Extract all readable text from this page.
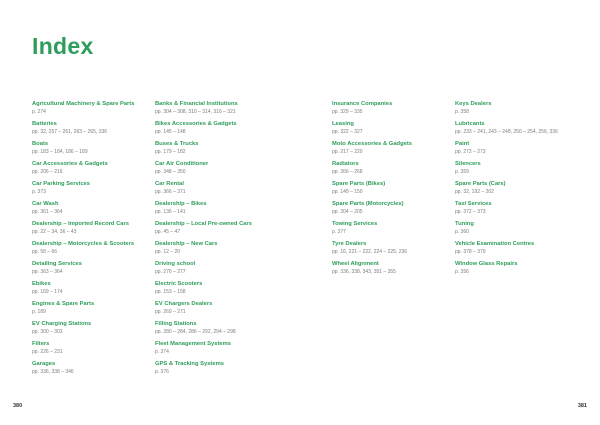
Index
Agricultural Machinery & Spare Parts
p. 274
Batteries
pp. 32, 257 – 261, 263 – 265, 336
Boats
pp. 183 – 184, 186 – 189
Car Accessories & Gadgets
pp. 206 – 216
Car Parking Services
p. 373
Car Wash
pp. 361 – 364
Dealership – Imported Record Cars
pp. 22 – 34, 36 – 43
Dealership – Motorcycles & Scooters
pp. 58 – 66
Detailing Services
pp. 363 – 364
Ebikes
pp. 169 – 174
Engines & Spare Parts
p. 189
EV Charging Stations
pp. 300 – 303
Filters
pp. 226 – 231
Garages
pp. 336, 338 – 346
Banks & Financial Institutions
pp. 304 – 308, 310 – 314, 316 – 321
Bikes Accessories & Gadgets
pp. 145 – 148
Buses & Trucks
pp. 179 – 182
Car Air Conditioner
pp. 348 – 350
Car Rental
pp. 366 – 371
Dealership – Bikes
pp. 136 – 141
Dealership – Local Pre-owned Cars
pp. 45 – 47
Dealership – New Cars
pp. 12 – 20
Driving school
pp. 276 – 277
Electric Scooters
pp. 153 – 158
EV Chargers Dealers
pp. 269 – 271
Filling Stations
pp. 280 – 284, 286 – 292, 294 – 298
Fleet Management Systems
p. 374
GPS & Tracking Systems
p. 376
Insurance Companies
pp. 329 – 335
Leasing
pp. 322 – 327
Moto Accessories & Gadgets
pp. 217 – 220
Radiators
pp. 266 – 268
Spare Parts (Bikes)
pp. 149 – 150
Spare Parts (Motorcycles)
pp. 204 – 205
Towing Services
p. 377
Tyre Dealers
pp. 16, 221 – 222, 224 – 225, 236
Wheel Alignment
pp. 336, 338, 343, 351 – 355
Keys Dealers
p. 358
Lubricants
pp. 233 – 241, 243 – 248, 250 – 254, 256, 336
Paint
pp. 272 – 273
Silencers
p. 359
Spare Parts (Cars)
pp. 32, 192 – 202
Taxi Services
pp. 372 – 373
Tuning
p. 360
Vehicle Examination Centres
pp. 378 – 379
Window Glass Repairs
p. 356
380	381
